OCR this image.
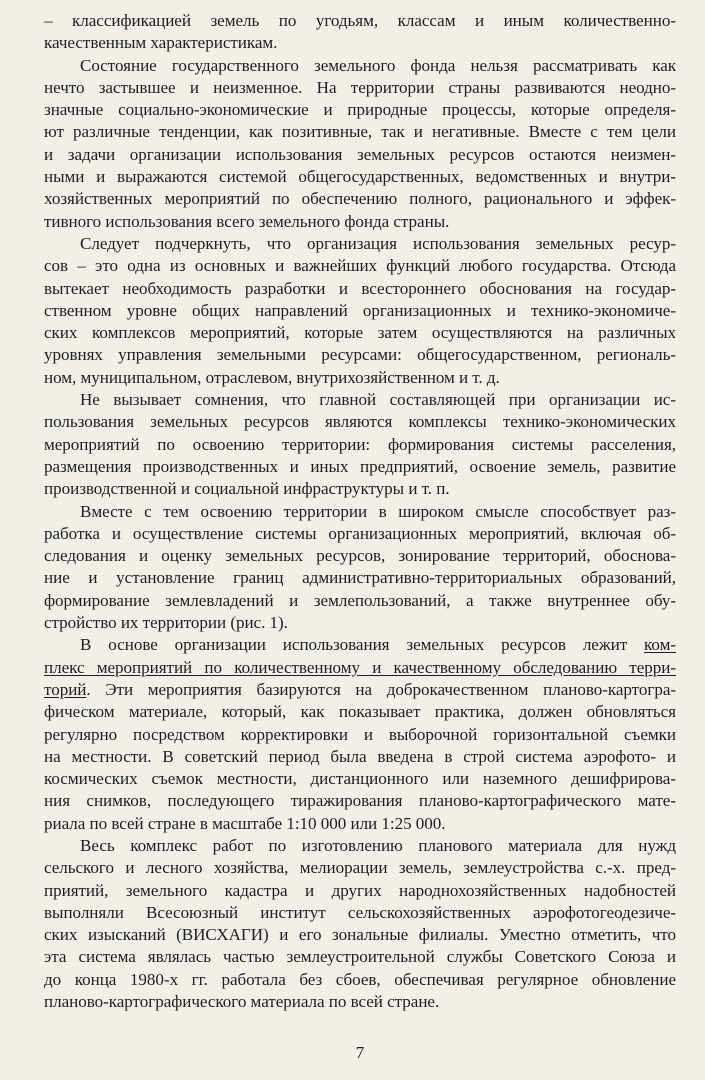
– классификацией земель по угодьям, классам и иным количественно-
качественным характеристикам.

Состояние государственного земельного фонда нельзя рассматривать как
нечто застывшее и неизменное. На территории страны развиваются неодно-
значные социально-экономические и природные процессы, которые определя-
ют различные тенденции, как позитивные, так и негативные. Вместе с тем цели
и задачи организации использования земельных ресурсов остаются неизмен-
ными и выражаются системой общегосударственных, ведомственных и внутри-
хозяйственных мероприятий по обеспечению полного, рационального и эффек-
тивного использования всего земельного фонда страны.

Следует подчеркнуть, что организация использования земельных ресур-
сов – это одна из основных и важнейших функций любого государства. Отсюда
вытекает необходимость разработки и всестороннего обоснования на государ-
ственном уровне общих направлений организационных и технико-экономиче-
ских комплексов мероприятий, которые затем осуществляются на различных
уровнях управления земельными ресурсами: общегосударственном, региональ-
ном, муниципальном, отраслевом, внутрихозяйственном и т. д.

Не вызывает сомнения, что главной составляющей при организации ис-
пользования земельных ресурсов являются комплексы технико-экономических
мероприятий по освоению территории: формирования системы расселения,
размещения производственных и иных предприятий, освоение земель, развитие
производственной и социальной инфраструктуры и т. п.

Вместе с тем освоению территории в широком смысле способствует раз-
работка и осуществление системы организационных мероприятий, включая об-
следования и оценку земельных ресурсов, зонирование территорий, обоснова-
ние и установление границ административно-территориальных образований,
формирование землевладений и землепользований, а также внутреннее обу-
стройство их территории (рис. 1).

В основе организации использования земельных ресурсов лежит ком-
плекс мероприятий по количественному и качественному обследованию терри-
торий. Эти мероприятия базируются на доброкачественном планово-картогра-
фическом материале, который, как показывает практика, должен обновляться
регулярно посредством корректировки и выборочной горизонтальной съемки
на местности. В советский период была введена в строй система аэрофото- и
космических съемок местности, дистанционного или наземного дешифрирова-
ния снимков, последующего тиражирования планово-картографического мате-
риала по всей стране в масштабе 1:10 000 или 1:25 000.

Весь комплекс работ по изготовлению планового материала для нужд
сельского и лесного хозяйства, мелиорации земель, землеустройства с.-х. пред-
приятий, земельного кадастра и других народнохозяйственных надобностей
выполняли Всесоюзный институт сельскохозяйственных аэрофотогеодезиче-
ских изысканий (ВИСХАГИ) и его зональные филиалы. Уместно отметить, что
эта система являлась частью землеустроительной службы Советского Союза и
до конца 1980-х гг. работала без сбоев, обеспечивая регулярное обновление
планово-картографического материала по всей стране.

7
